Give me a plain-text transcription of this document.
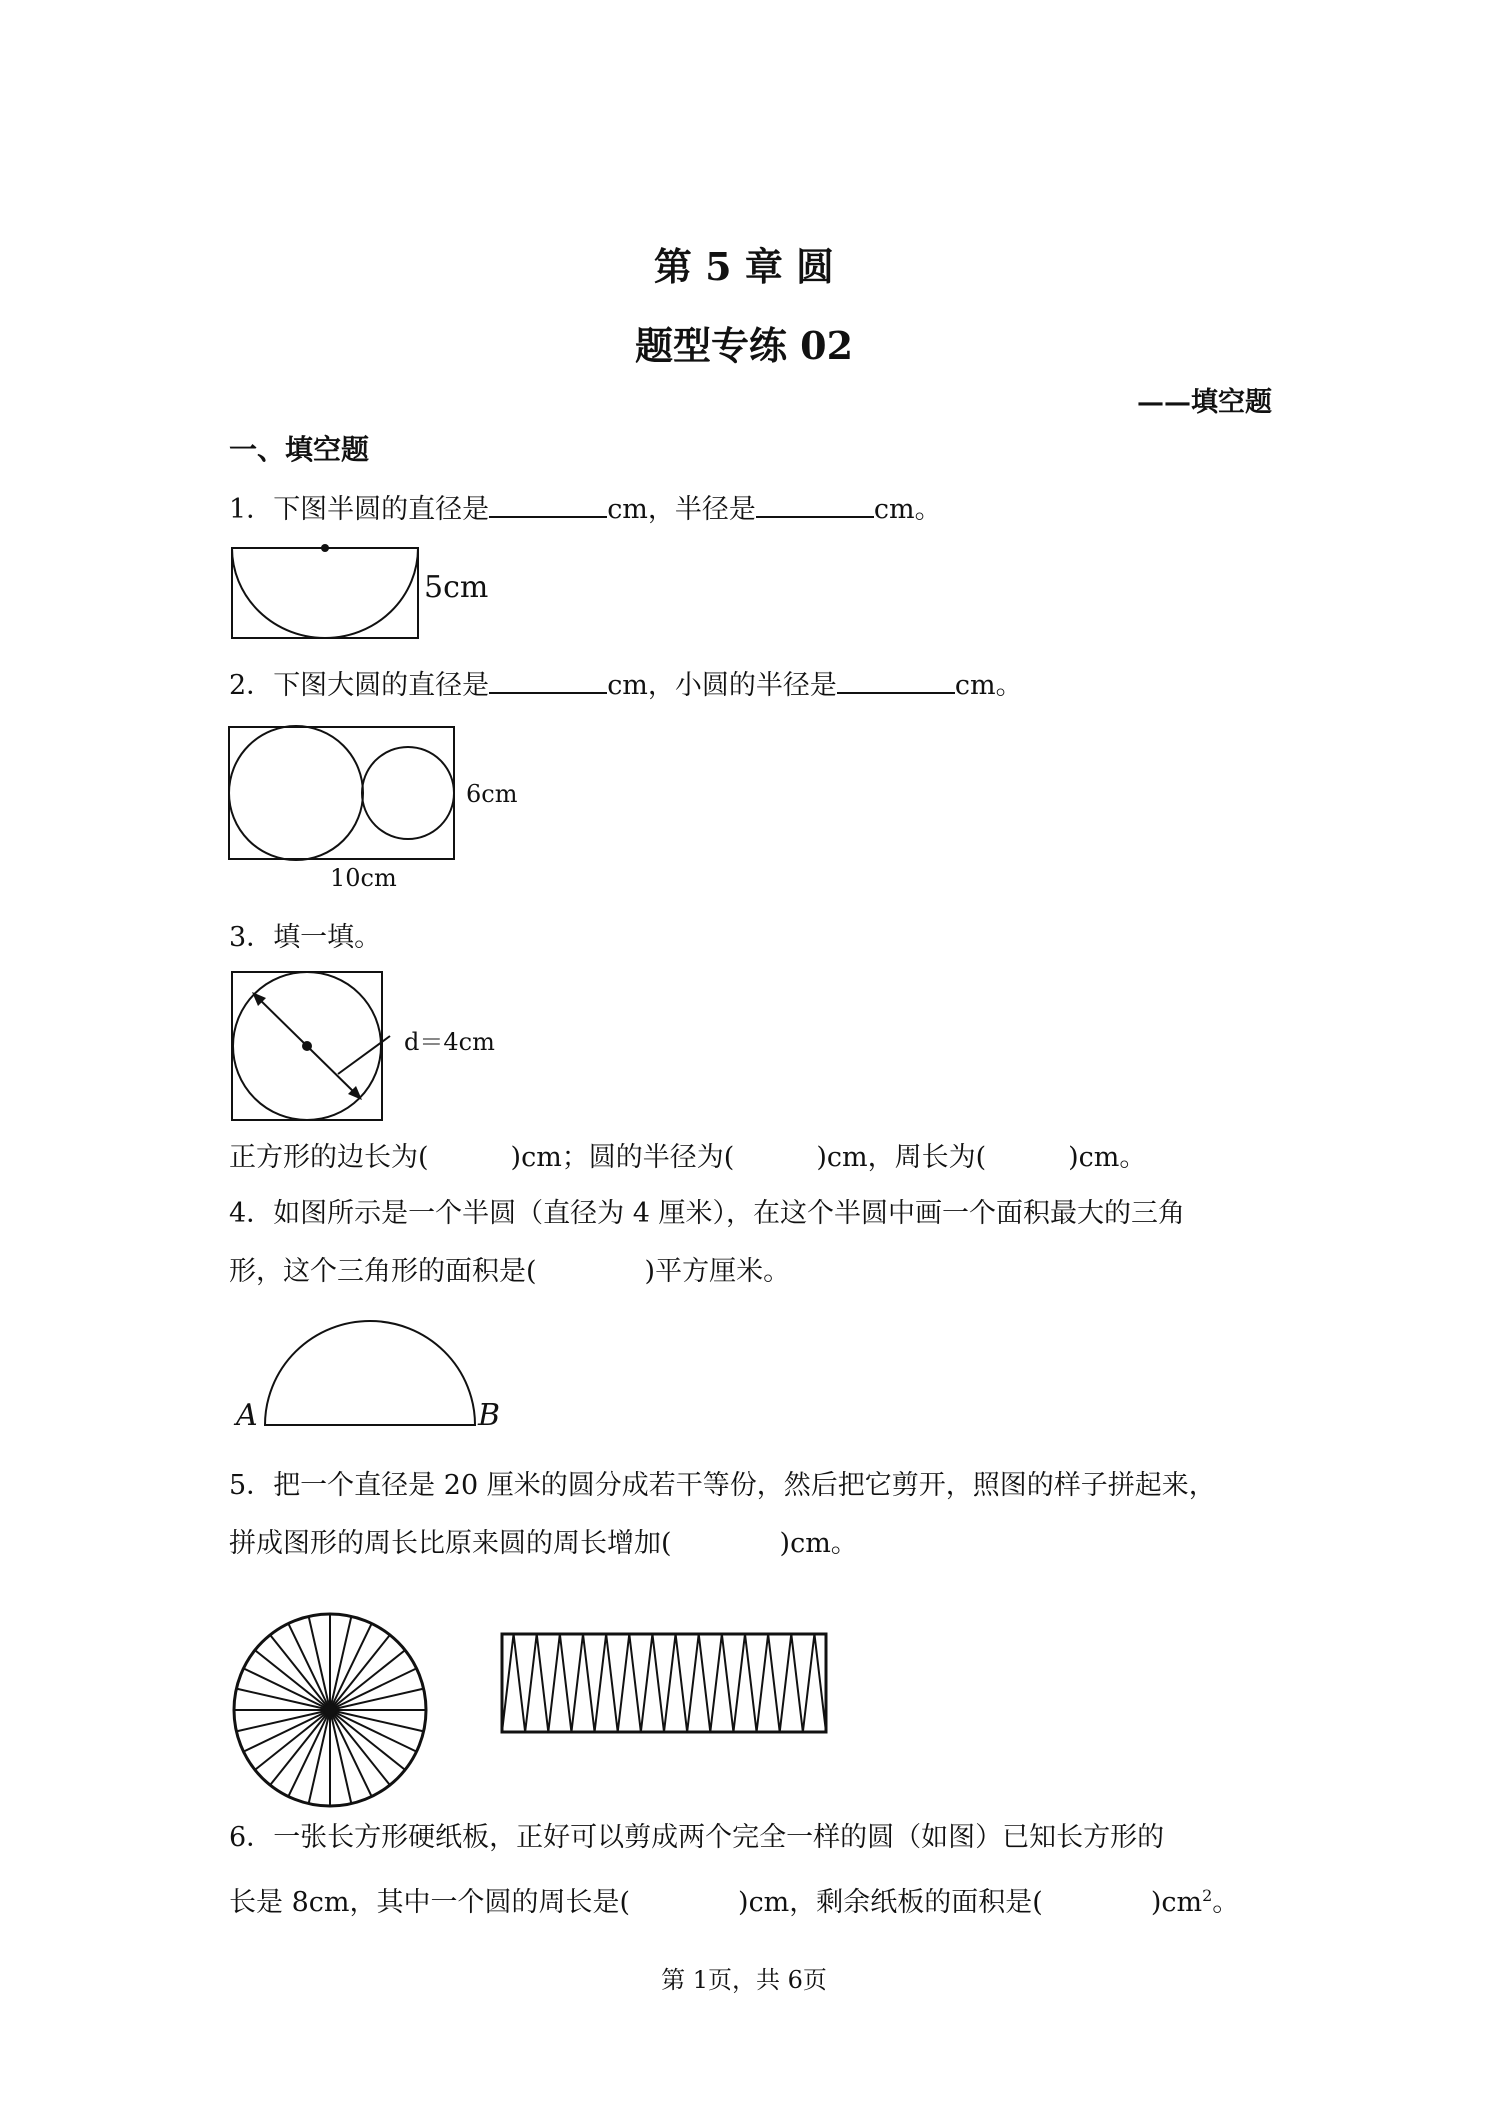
第 5 章 圆
题型专练 02
——填空题
一、填空题
1．下图半圆的直径是	cm，半径是	cm。
5cm
2．下图大圆的直径是	cm，小圆的半径是	cm。
6cm
10cm
3．填一填。
d＝4cm
正方形的边长为(	)cm；圆的半径为(	)cm，周长为(	)cm。
4．如图所示是一个半圆（直径为 4 厘米），在这个半圆中画一个面积最大的三角
形，这个三角形的面积是(	)平方厘米。
A	B
5．把一个直径是 20 厘米的圆分成若干等份，然后把它剪开，照图的样子拼起来，
拼成图形的周长比原来圆的周长增加(	)cm。
6．一张长方形硬纸板，正好可以剪成两个完全一样的圆（如图）已知长方形的
长是 8cm，其中一个圆的周长是(	)cm，剩余纸板的面积是(	)$cm^2$。
第 1页，共 6页
